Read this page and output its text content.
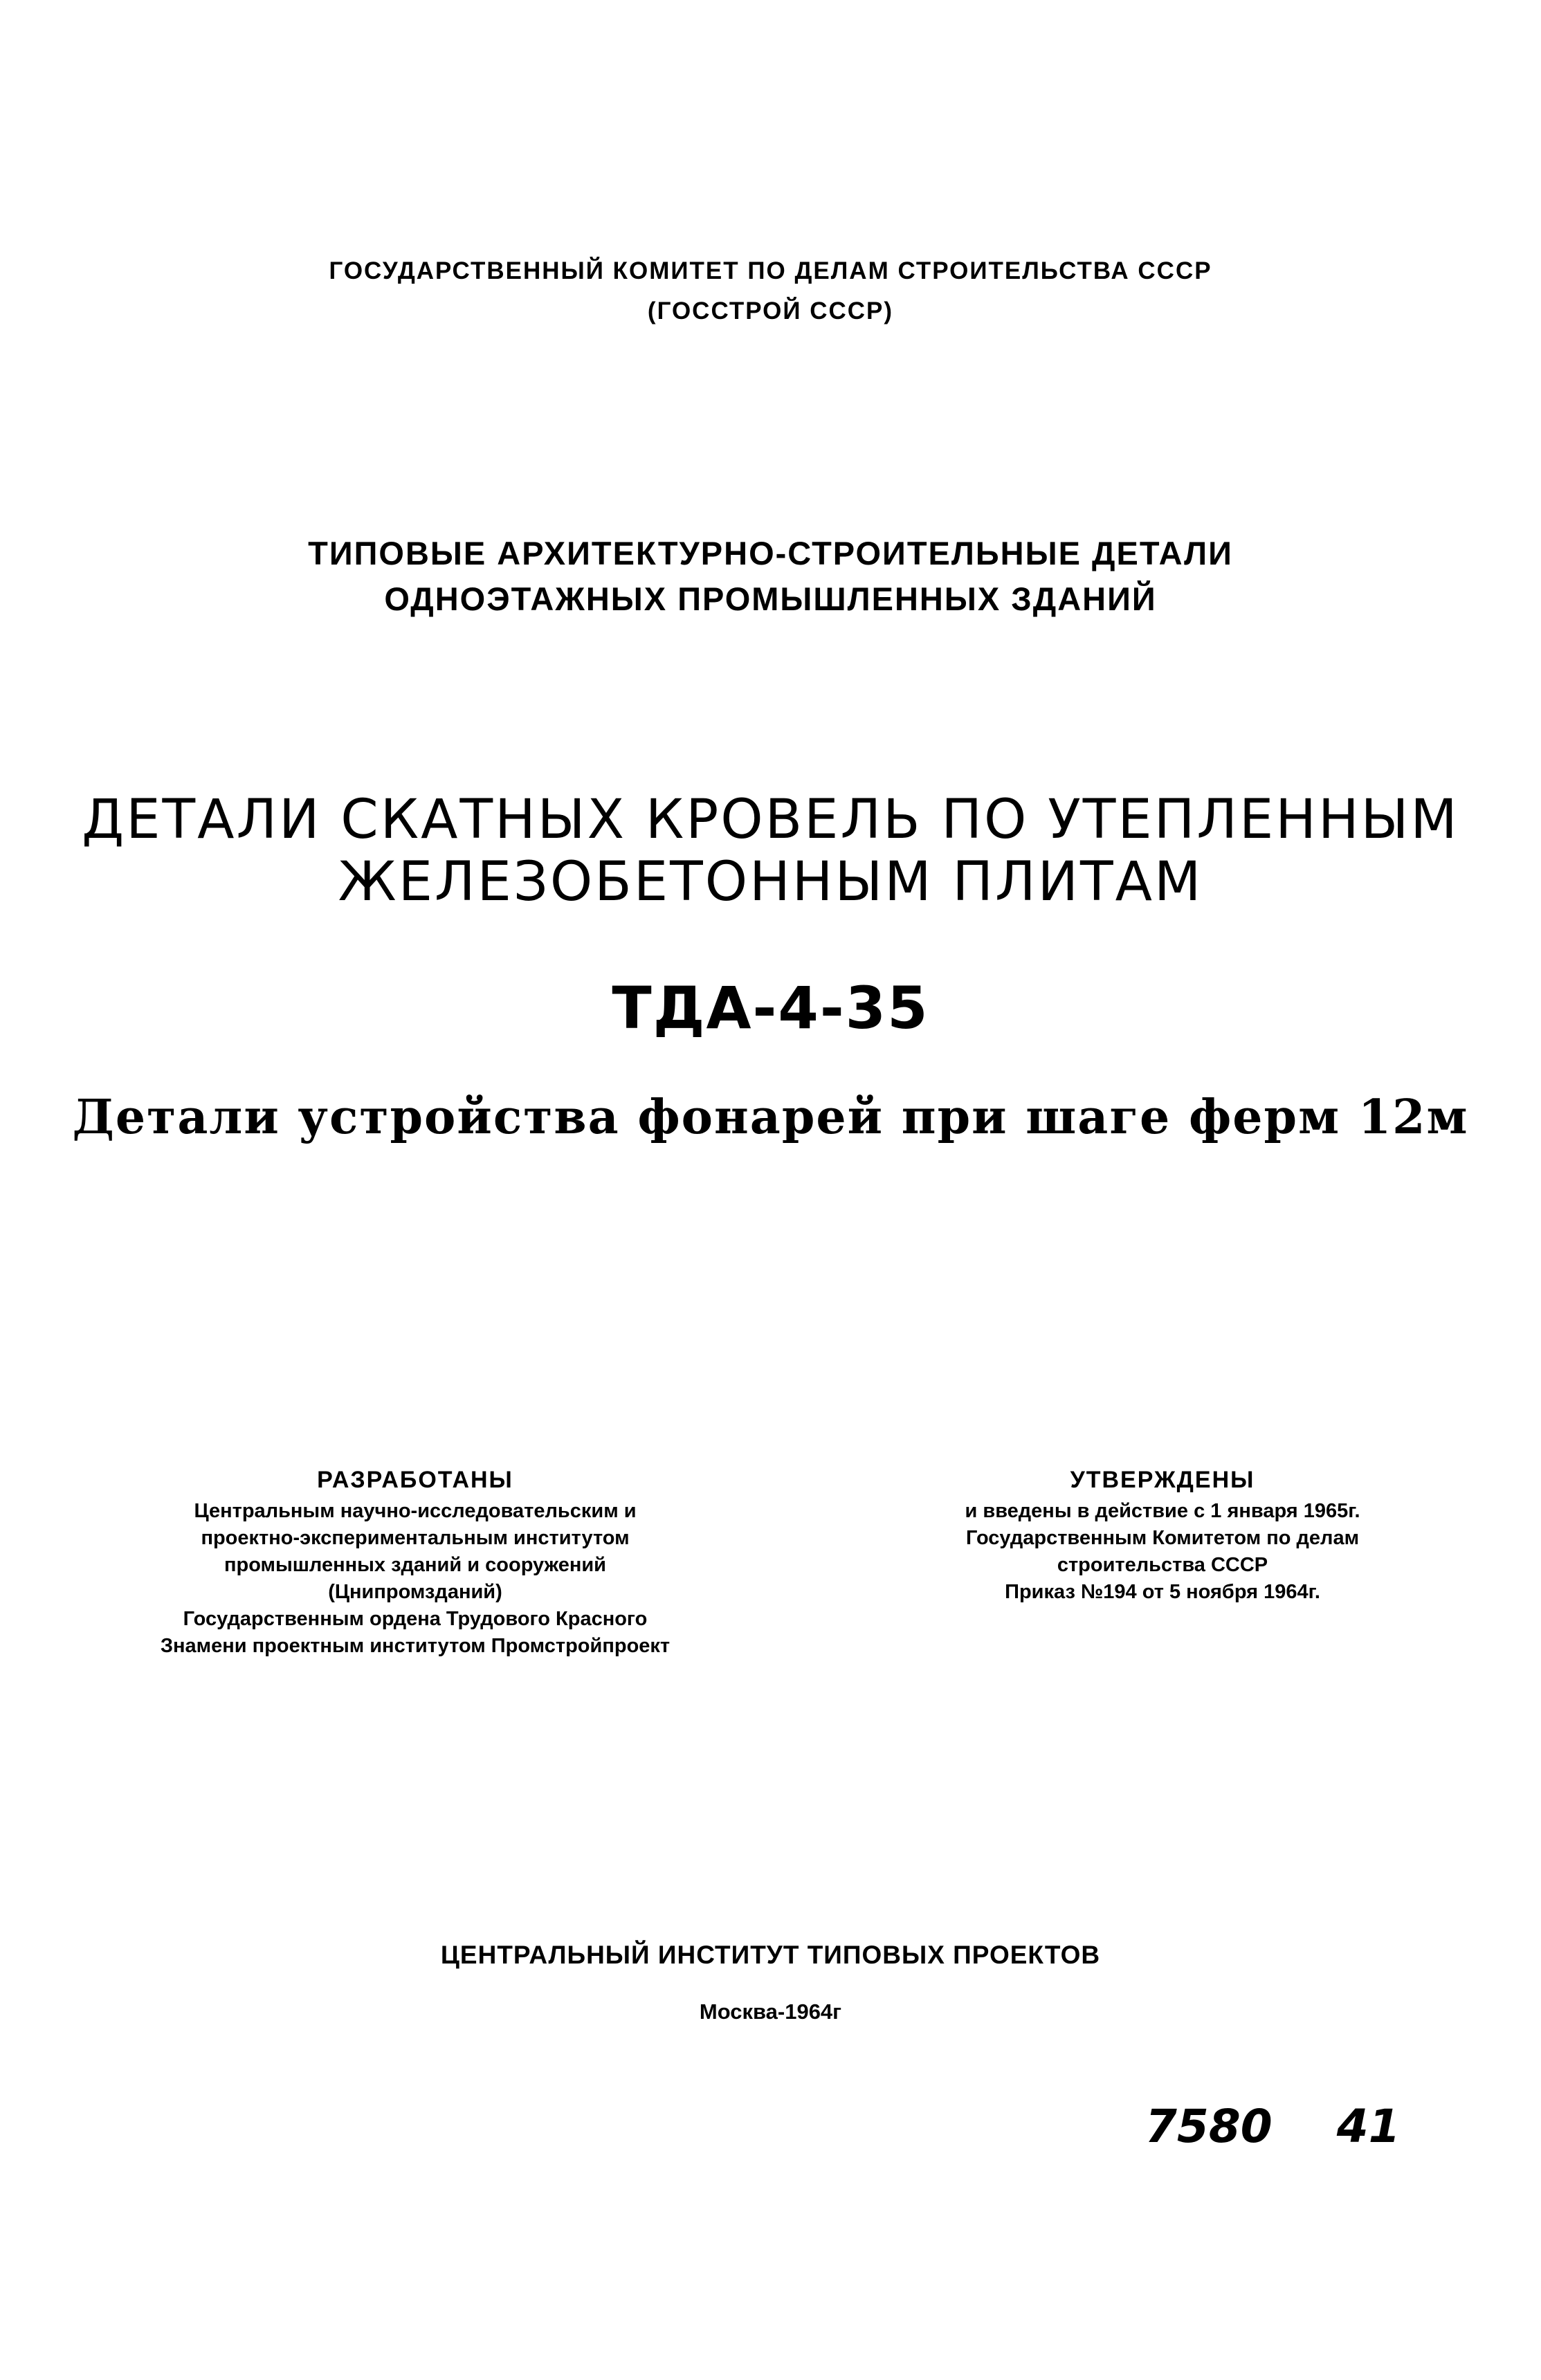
ГОСУДАРСТВЕННЫЙ КОМИТЕТ ПО ДЕЛАМ СТРОИТЕЛЬСТВА СССР
(ГОССТРОЙ СССР)
ТИПОВЫЕ АРХИТЕКТУРНО-СТРОИТЕЛЬНЫЕ ДЕТАЛИ
ОДНОЭТАЖНЫХ ПРОМЫШЛЕННЫХ ЗДАНИЙ
ДЕТАЛИ СКАТНЫХ КРОВЕЛЬ ПО УТЕПЛЕННЫМ
ЖЕЛЕЗОБЕТОННЫМ ПЛИТАМ
ТДА-4-35
Детали устройства фонарей при шаге ферм 12м
РАЗРАБОТАНЫ
Центральным научно-исследовательским и
проектно-экспериментальным институтом
промышленных зданий и сооружений
(Цнипромзданий)
Государственным ордена Трудового Красного
Знамени проектным институтом Промстройпроект
УТВЕРЖДЕНЫ
и введены в действие с 1 января 1965г.
Государственным Комитетом по делам
строительства СССР
Приказ №194 от 5 ноября 1964г.
ЦЕНТРАЛЬНЫЙ ИНСТИТУТ ТИПОВЫХ ПРОЕКТОВ
Москва-1964г
7580 41
